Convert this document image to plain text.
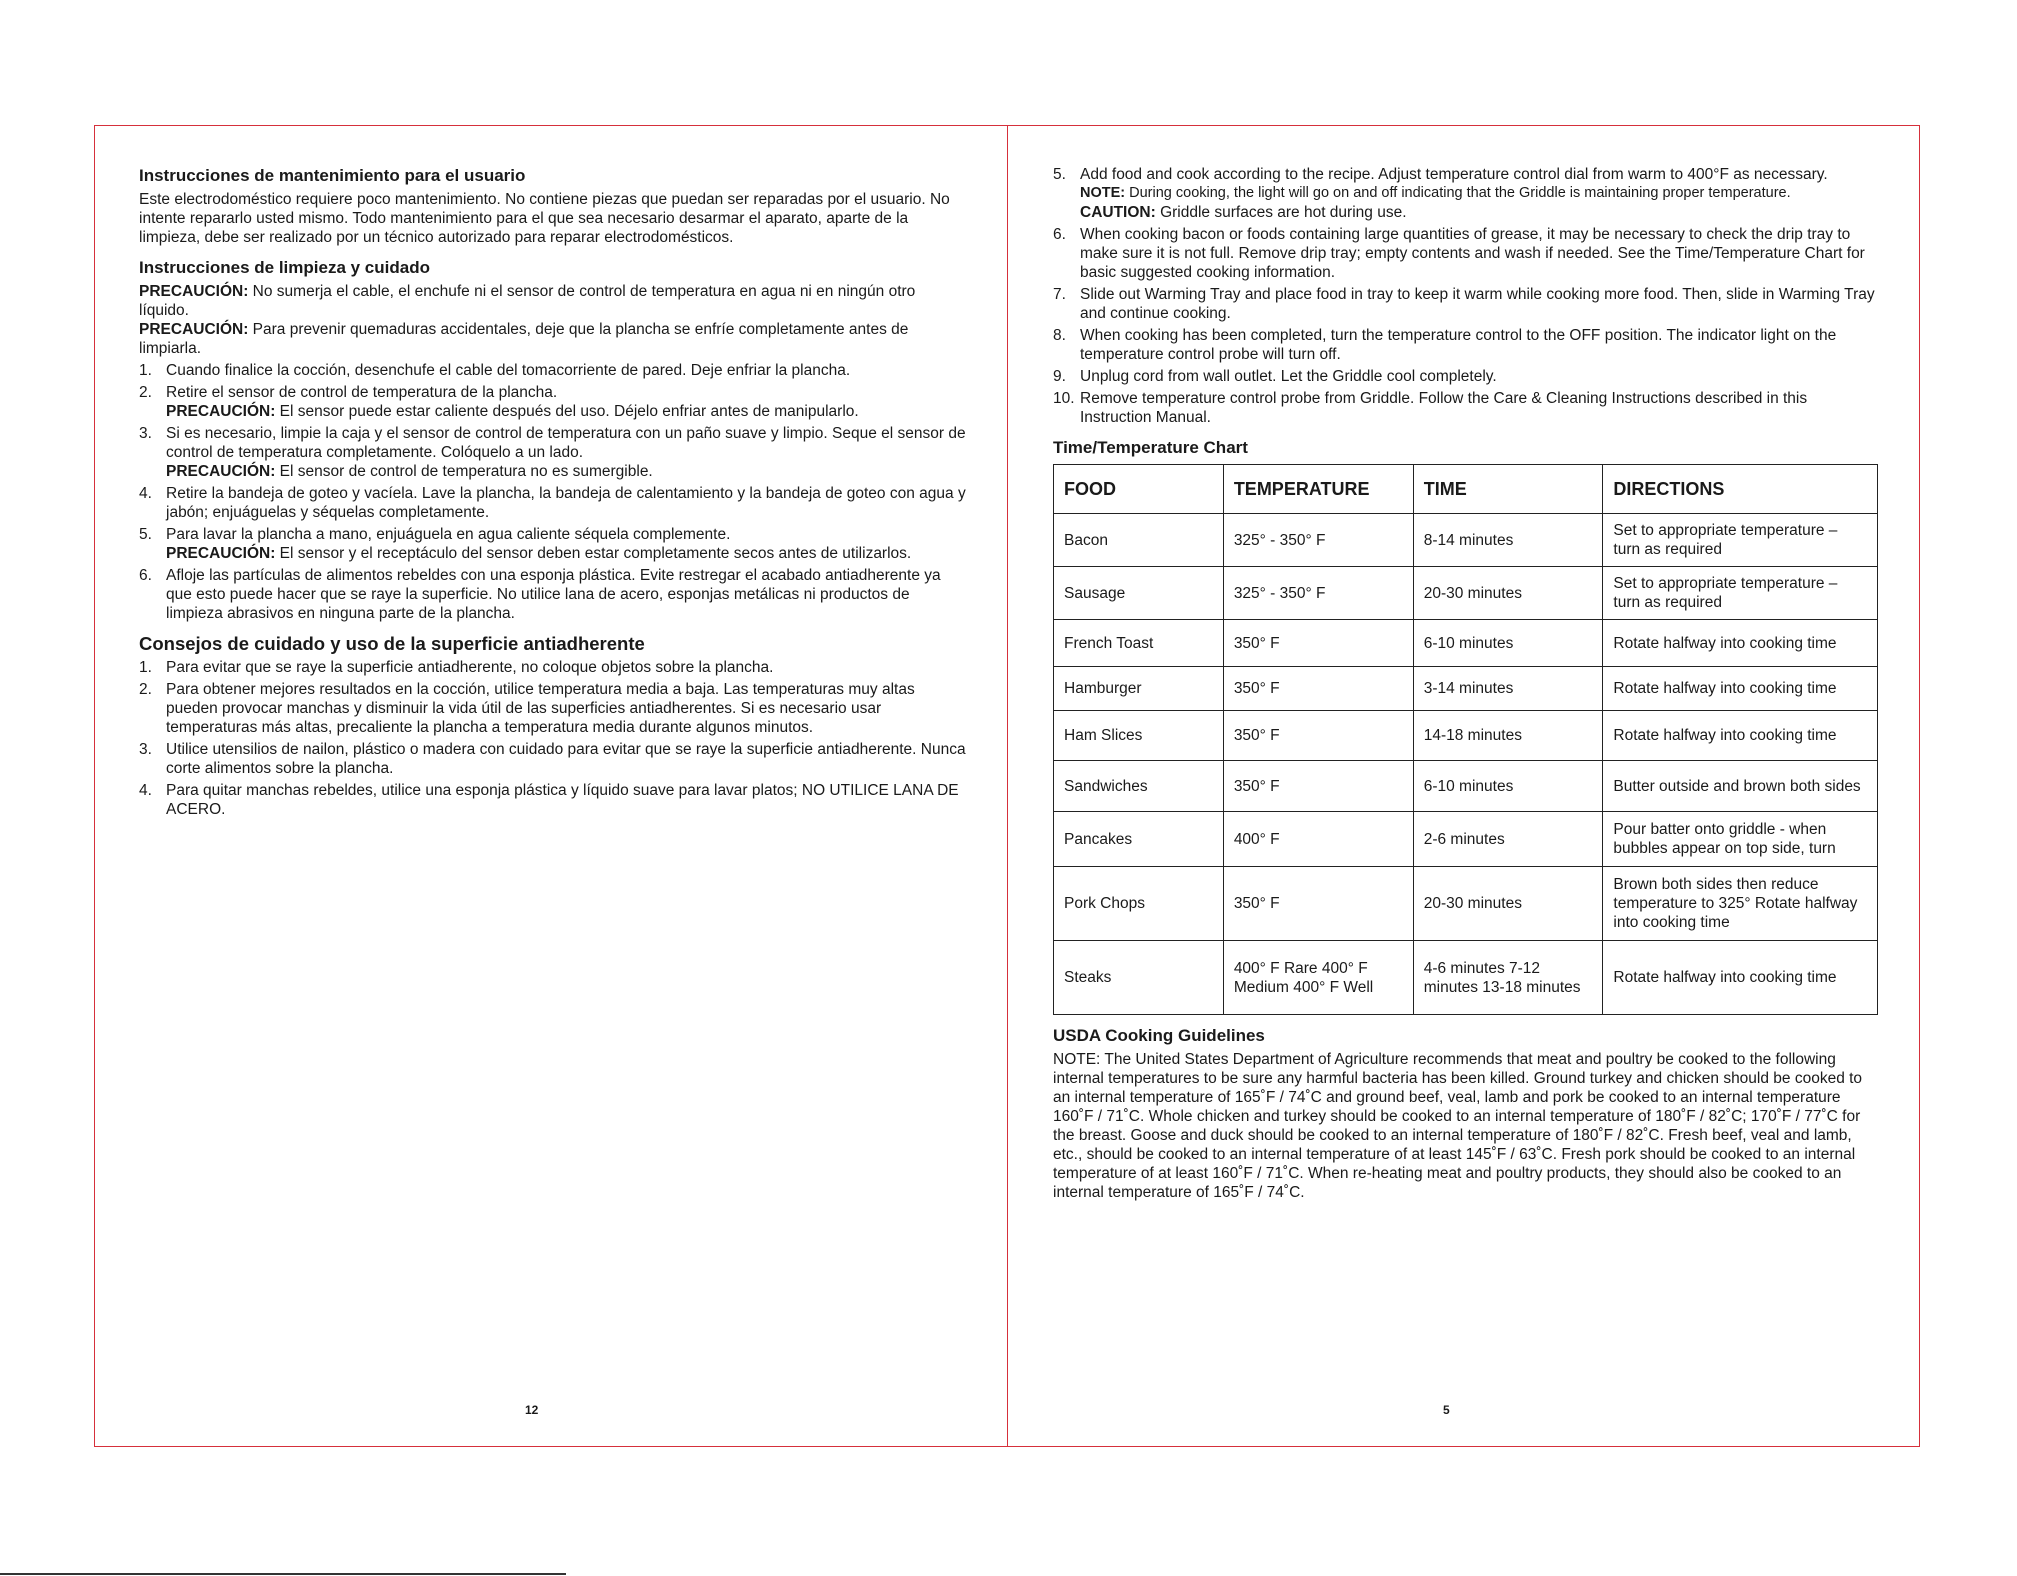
Instrucciones de mantenimiento para el usuario

Este electrodoméstico requiere poco mantenimiento. No contiene piezas que puedan ser reparadas por el usuario. No intente repararlo usted mismo. Todo mantenimiento para el que sea necesario desarmar el aparato, aparte de la limpieza, debe ser realizado por un técnico autorizado para reparar electrodomésticos.

Instrucciones de limpieza y cuidado

PRECAUCIÓN: No sumerja el cable, el enchufe ni el sensor de control de temperatura en agua ni en ningún otro líquido.

PRECAUCIÓN: Para prevenir quemaduras accidentales, deje que la plancha se enfríe completamente antes de limpiarla.

1. Cuando finalice la cocción, desenchufe el cable del tomacorriente de pared. Deje enfriar la plancha.
2. Retire el sensor de control de temperatura de la plancha.
PRECAUCIÓN: El sensor puede estar caliente después del uso. Déjelo enfriar antes de manipularlo.
3. Si es necesario, limpie la caja y el sensor de control de temperatura con un paño suave y limpio. Seque el sensor de control de temperatura completamente. Colóquelo a un lado.
PRECAUCIÓN: El sensor de control de temperatura no es sumergible.
4. Retire la bandeja de goteo y vacíela. Lave la plancha, la bandeja de calentamiento y la bandeja de goteo con agua y jabón; enjuáguelas y séquelas completamente.
5. Para lavar la plancha a mano, enjuáguela en agua caliente séquela complemente.
PRECAUCIÓN: El sensor y el receptáculo del sensor deben estar completamente secos antes de utilizarlos.
6. Afloje las partículas de alimentos rebeldes con una esponja plástica. Evite restregar el acabado antiadherente ya que esto puede hacer que se raye la superficie. No utilice lana de acero, esponjas metálicas ni productos de limpieza abrasivos en ninguna parte de la plancha.
Consejos de cuidado y uso de la superficie antiadherente
1. Para evitar que se raye la superficie antiadherente, no coloque objetos sobre la plancha.
2. Para obtener mejores resultados en la cocción, utilice temperatura media a baja. Las temperaturas muy altas pueden provocar manchas y disminuir la vida útil de las superficies antiadherentes. Si es necesario usar temperaturas más altas, precaliente la plancha a temperatura media durante algunos minutos.
3. Utilice utensilios de nailon, plástico o madera con cuidado para evitar que se raye la superficie antiadherente. Nunca corte alimentos sobre la plancha.
4. Para quitar manchas rebeldes, utilice una esponja plástica y líquido suave para lavar platos; NO UTILICE LANA DE ACERO.
12
5. Add food and cook according to the recipe. Adjust temperature control dial from warm to 400°F as necessary.
NOTE: During cooking, the light will go on and off indicating that the Griddle is maintaining proper temperature.
CAUTION: Griddle surfaces are hot during use.
6. When cooking bacon or foods containing large quantities of grease, it may be necessary to check the drip tray to make sure it is not full. Remove drip tray; empty contents and wash if needed. See the Time/Temperature Chart for basic suggested cooking information.
7. Slide out Warming Tray and place food in tray to keep it warm while cooking more food. Then, slide in Warming Tray and continue cooking.
8. When cooking has been completed, turn the temperature control to the OFF position. The indicator light on the temperature control probe will turn off.
9. Unplug cord from wall outlet. Let the Griddle cool completely.
10. Remove temperature control probe from Griddle. Follow the Care & Cleaning Instructions described in this Instruction Manual.
Time/Temperature Chart
FOOD	TEMPERATURE	TIME	DIRECTIONS
Bacon	325° - 350° F	8-14 minutes	Set to appropriate temperature – turn as required
Sausage	325° - 350° F	20-30 minutes	Set to appropriate temperature – turn as required
French Toast	350° F	6-10 minutes	Rotate halfway into cooking time
Hamburger	350° F	3-14 minutes	Rotate halfway into cooking time
Ham Slices	350° F	14-18 minutes	Rotate halfway into cooking time
Sandwiches	350° F	6-10 minutes	Butter outside and brown both sides
Pancakes	400° F	2-6 minutes	Pour batter onto griddle - when bubbles appear on top side, turn
Pork Chops	350° F	20-30 minutes	Brown both sides then reduce temperature to 325° Rotate halfway into cooking time
Steaks	400° F Rare 400° F Medium 400° F Well	4-6 minutes 7-12 minutes 13-18 minutes	Rotate halfway into cooking time
USDA Cooking Guidelines

NOTE: The United States Department of Agriculture recommends that meat and poultry be cooked to the following internal temperatures to be sure any harmful bacteria has been killed. Ground turkey and chicken should be cooked to an internal temperature of 165˚F / 74˚C and ground beef, veal, lamb and pork be cooked to an internal temperature 160˚F / 71˚C. Whole chicken and turkey should be cooked to an internal temperature of 180˚F / 82˚C; 170˚F / 77˚C for the breast. Goose and duck should be cooked to an internal temperature of 180˚F / 82˚C. Fresh beef, veal and lamb, etc., should be cooked to an internal temperature of at least 145˚F / 63˚C. Fresh pork should be cooked to an internal temperature of at least 160˚F / 71˚C. When re-heating meat and poultry products, they should also be cooked to an internal temperature of 165˚F / 74˚C.

5
